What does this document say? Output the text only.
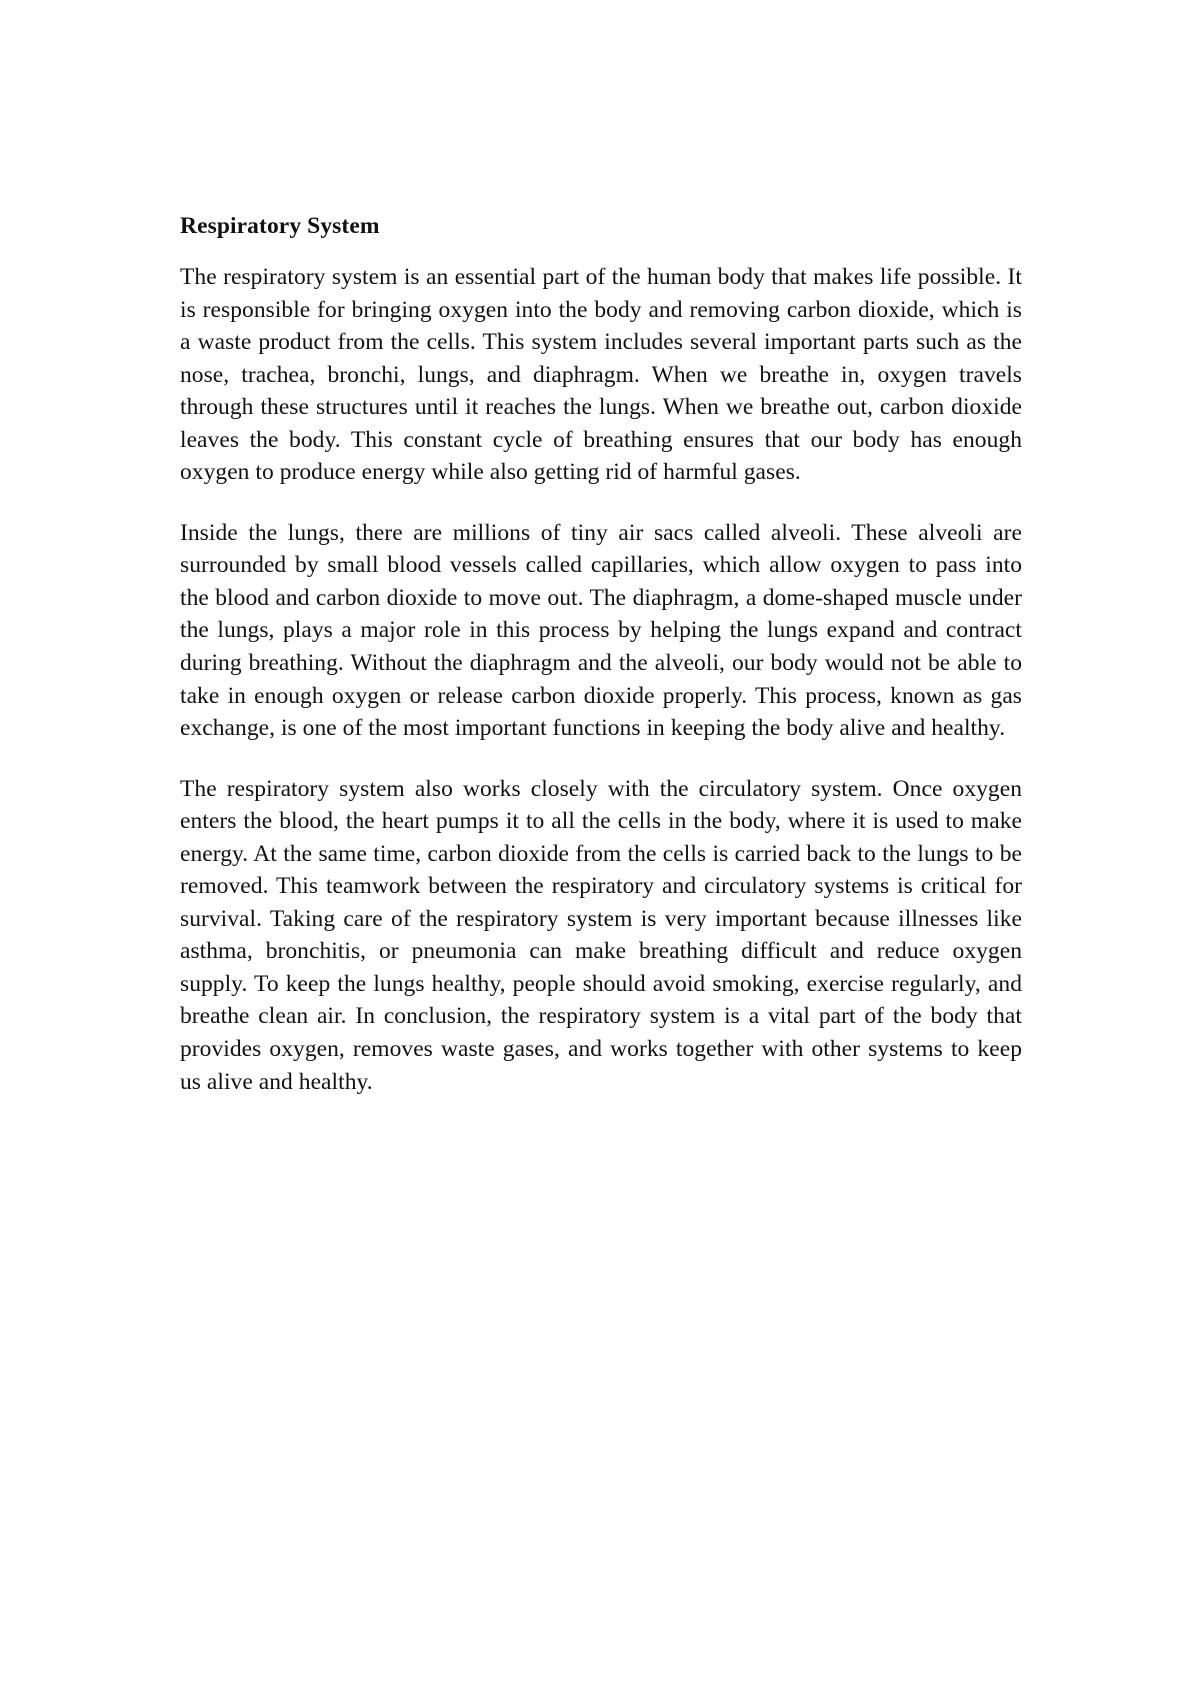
Respiratory System

The respiratory system is an essential part of the human body that makes life possible. It is responsible for bringing oxygen into the body and removing carbon dioxide, which is a waste product from the cells. This system includes several important parts such as the nose, trachea, bronchi, lungs, and diaphragm. When we breathe in, oxygen travels through these structures until it reaches the lungs. When we breathe out, carbon dioxide leaves the body. This constant cycle of breathing ensures that our body has enough oxygen to produce energy while also getting rid of harmful gases.

Inside the lungs, there are millions of tiny air sacs called alveoli. These alveoli are surrounded by small blood vessels called capillaries, which allow oxygen to pass into the blood and carbon dioxide to move out. The diaphragm, a dome-shaped muscle under the lungs, plays a major role in this process by helping the lungs expand and contract during breathing. Without the diaphragm and the alveoli, our body would not be able to take in enough oxygen or release carbon dioxide properly. This process, known as gas exchange, is one of the most important functions in keeping the body alive and healthy.

The respiratory system also works closely with the circulatory system. Once oxygen enters the blood, the heart pumps it to all the cells in the body, where it is used to make energy. At the same time, carbon dioxide from the cells is carried back to the lungs to be removed. This teamwork between the respiratory and circulatory systems is critical for survival. Taking care of the respiratory system is very important because illnesses like asthma, bronchitis, or pneumonia can make breathing difficult and reduce oxygen supply. To keep the lungs healthy, people should avoid smoking, exercise regularly, and breathe clean air. In conclusion, the respiratory system is a vital part of the body that provides oxygen, removes waste gases, and works together with other systems to keep us alive and healthy.
